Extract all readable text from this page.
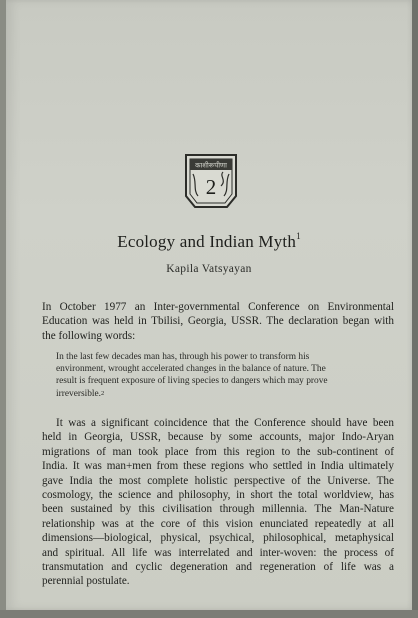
काशीरूपीणा
2
Ecology and Indian Myth$^1$
Kapila Vatsyayan
In October 1977 an Inter-governmental Conference on Environmental
Education was held in Tbilisi, Georgia, USSR. The declaration began with
the following words:
In the last few decades man has, through his power to transform his
environment, wrought accelerated changes in the balance of nature. The
result is frequent exposure of living species to dangers which may prove
irreversible.$^2$
It was a significant coincidence that the Conference should have been
held in Georgia, USSR, because by some accounts, major Indo-Aryan
migrations of man took place from this region to the sub-continent of
India. It was man+men from these regions who settled in India ultimately
gave India the most complete holistic perspective of the Universe. The
cosmology, the science and philosophy, in short the total worldview, has
been sustained by this civilisation through millennia. The Man-Nature
relationship was at the core of this vision enunciated repeatedly at all
dimensions—biological, physical, psychical, philosophical, metaphysical
and spiritual. All life was interrelated and inter-woven: the process of
transmutation and cyclic degeneration and regeneration of life was a
perennial postulate.
